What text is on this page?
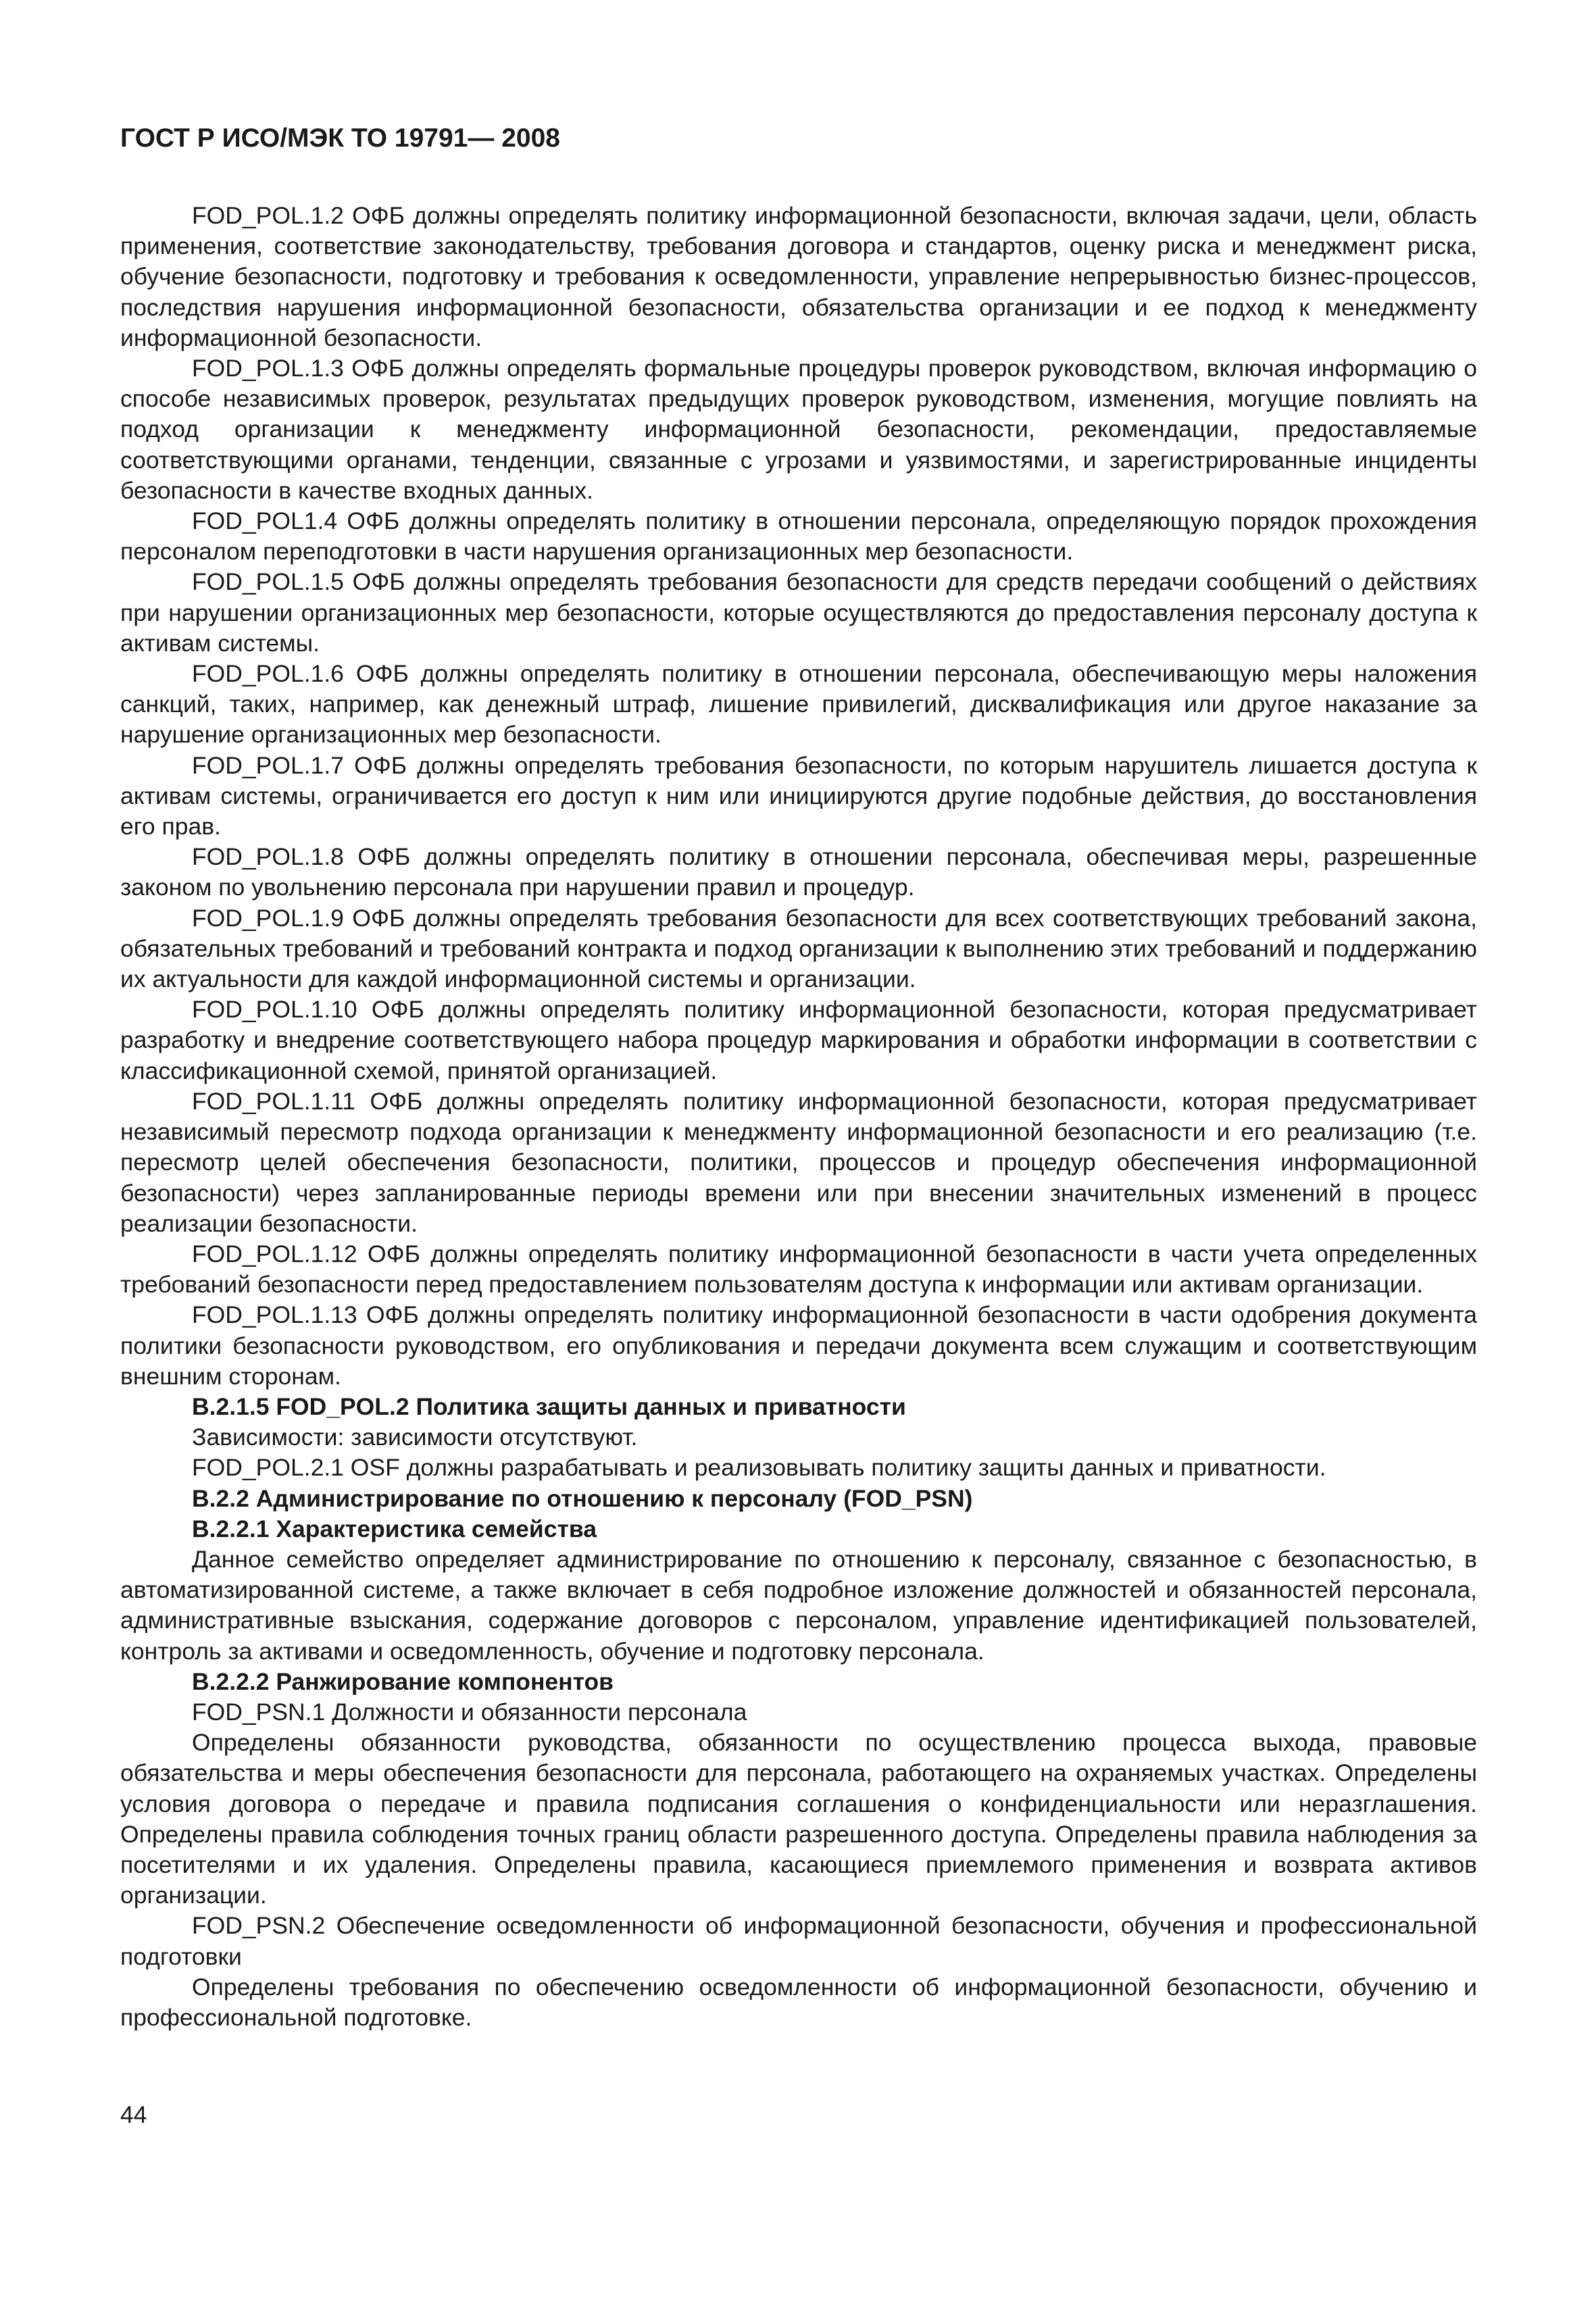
ГОСТ Р ИСО/МЭК ТО 19791— 2008

FOD_POL.1.2 ОФБ должны определять политику информационной безопасности, включая задачи, цели, область применения, соответствие законодательству, требования договора и стандартов, оценку риска и менеджмент риска, обучение безопасности, подготовку и требования к осведомленности, управление непрерывностью бизнес-процессов, последствия нарушения информационной безопасности, обязательства организации и ее подход к менеджменту информационной безопасности.

FOD_POL.1.3 ОФБ должны определять формальные процедуры проверок руководством, включая информацию о способе независимых проверок, результатах предыдущих проверок руководством, изменения, могущие повлиять на подход организации к менеджменту информационной безопасности, рекомендации, предоставляемые соответствующими органами, тенденции, связанные с угрозами и уязвимостями, и зарегистрированные инциденты безопасности в качестве входных данных.

FOD_POL1.4 ОФБ должны определять политику в отношении персонала, определяющую порядок прохождения персоналом переподготовки в части нарушения организационных мер безопасности.

FOD_POL.1.5 ОФБ должны определять требования безопасности для средств передачи сообщений о действиях при нарушении организационных мер безопасности, которые осуществляются до предоставления персоналу доступа к активам системы.

FOD_POL.1.6 ОФБ должны определять политику в отношении персонала, обеспечивающую меры наложения санкций, таких, например, как денежный штраф, лишение привилегий, дисквалификация или другое наказание за нарушение организационных мер безопасности.

FOD_POL.1.7 ОФБ должны определять требования безопасности, по которым нарушитель лишается доступа к активам системы, ограничивается его доступ к ним или инициируются другие подобные действия, до восстановления его прав.

FOD_POL.1.8 ОФБ должны определять политику в отношении персонала, обеспечивая меры, разрешенные законом по увольнению персонала при нарушении правил и процедур.

FOD_POL.1.9 ОФБ должны определять требования безопасности для всех соответствующих требований закона, обязательных требований и требований контракта и подход организации к выполнению этих требований и поддержанию их актуальности для каждой информационной системы и организации.

FOD_POL.1.10 ОФБ должны определять политику информационной безопасности, которая предусматривает разработку и внедрение соответствующего набора процедур маркирования и обработки информации в соответствии с классификационной схемой, принятой организацией.

FOD_POL.1.11 ОФБ должны определять политику информационной безопасности, которая предусматривает независимый пересмотр подхода организации к менеджменту информационной безопасности и его реализацию (т.е. пересмотр целей обеспечения безопасности, политики, процессов и процедур обеспечения информационной безопасности) через запланированные периоды времени или при внесении значительных изменений в процесс реализации безопасности.

FOD_POL.1.12 ОФБ должны определять политику информационной безопасности в части учета определенных требований безопасности перед предоставлением пользователям доступа к информации или активам организации.

FOD_POL.1.13 ОФБ должны определять политику информационной безопасности в части одобрения документа политики безопасности руководством, его опубликования и передачи документа всем служащим и соответствующим внешним сторонам.

В.2.1.5 FOD_POL.2 Политика защиты данных и приватности

Зависимости: зависимости отсутствуют.

FOD_POL.2.1 OSF должны разрабатывать и реализовывать политику защиты данных и приватности.

В.2.2 Администрирование по отношению к персоналу (FOD_PSN)

В.2.2.1 Характеристика семейства

Данное семейство определяет администрирование по отношению к персоналу, связанное с безопасностью, в автоматизированной системе, а также включает в себя подробное изложение должностей и обязанностей персонала, административные взыскания, содержание договоров с персоналом, управление идентификацией пользователей, контроль за активами и осведомленность, обучение и подготовку персонала.

В.2.2.2 Ранжирование компонентов

FOD_PSN.1 Должности и обязанности персонала

Определены обязанности руководства, обязанности по осуществлению процесса выхода, правовые обязательства и меры обеспечения безопасности для персонала, работающего на охраняемых участках. Определены условия договора о передаче и правила подписания соглашения о конфиденциальности или неразглашения. Определены правила соблюдения точных границ области разрешенного доступа. Определены правила наблюдения за посетителями и их удаления. Определены правила, касающиеся приемлемого применения и возврата активов организации.

FOD_PSN.2 Обеспечение осведомленности об информационной безопасности, обучения и профессиональной подготовки

Определены требования по обеспечению осведомленности об информационной безопасности, обучению и профессиональной подготовке.

44
